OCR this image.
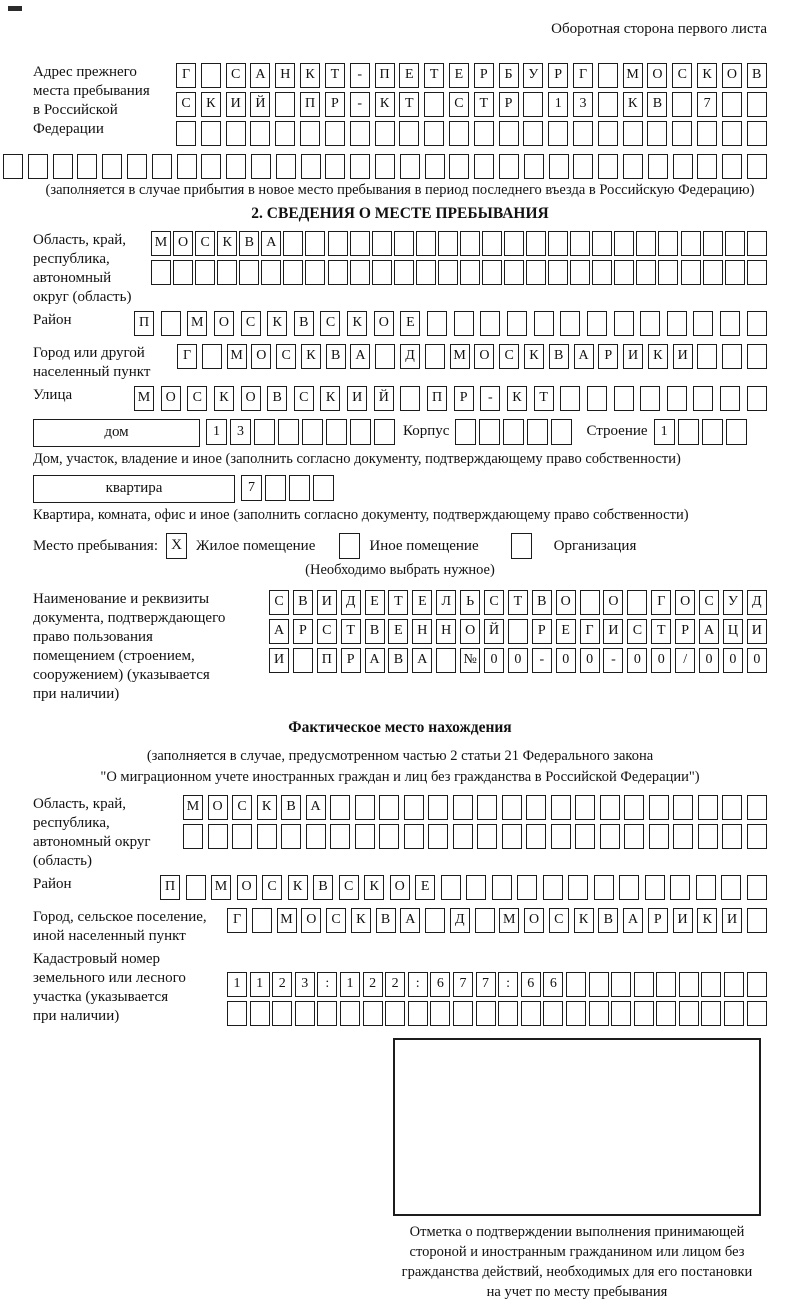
Оборотная сторона первого листа
Адрес прежнего
места пребывания
в Российской
Федерации
Г	С	А	Н	К	Т	-	П	Е	Т	Е	Р	Б	У	Р	Г	М О	С	К	О	В
С	К	И	Й	П	Р	-	К	Т	С	Т	Р	1	3	К	В	7
(заполняется в случае прибытия в новое место пребывания в период последнего въезда в Российскую Федерацию)
2. СВЕДЕНИЯ О МЕСТЕ ПРЕБЫВАНИЯ
Область, край,
республика,
автономный
округ (область)
М О С К В А
Район	П	М	О	С	К	В	С	К	О	Е
Город или другой
населенный пункт
Г	М О	С	К	В	А	Д	М О	С	К	В	А	Р	И	К	И
Улица	М	О	С	К	О	В	С	К	И	Й	П	Р	-	К	Т
дом	1	3	Корпус	Строение 1
Дом, участок, владение и иное (заполнить согласно документу, подтверждающему право собственности)
квартира	7
Квартира, комната, офис и иное (заполнить согласно документу, подтверждающему право собственности)
Место пребывания: X Жилое помещение	Иное помещение	Организация
(Необходимо выбрать нужное)
Наименование и реквизиты
документа, подтверждающего
право пользования
помещением (строением,
сооружением) (указывается
при наличии)
С	В	И	Д	Е	Т	Е	Л	Ь	С	Т	В	О	О	Г	О	С	У	Д
А	Р	С	Т	В	Е	Н Н О Й	Р	Е	Г	И	С	Т	Р	А Ц И
И	П	Р	А	В	А	№ 0	0	-	0	0	-	0	0	/	0	0	0
Фактическое место нахождения
(заполняется в случае, предусмотренном частью 2 статьи 21 Федерального закона
"О миграционном учете иностранных граждан и лиц без гражданства в Российской Федерации")
Область, край,
республика,
автономный округ
(область)
М О	С	К	В	А
Район	П	М	О	С	К	В	С	К	О	Е
Город, сельское поселение,
иной населенный пункт
Г	М О	С	К	В	А	Д	М О	С	К	В	А	Р	И	К	И
Кадастровый номер
земельного или лесного
участка (указывается
при наличии)
1	1	2	3	:	1	2	2	:	6	7	7	:	6	6
Отметка о подтверждении выполнения принимающей
стороной и иностранным гражданином или лицом без
гражданства действий, необходимых для его постановки
на учет по месту пребывания
